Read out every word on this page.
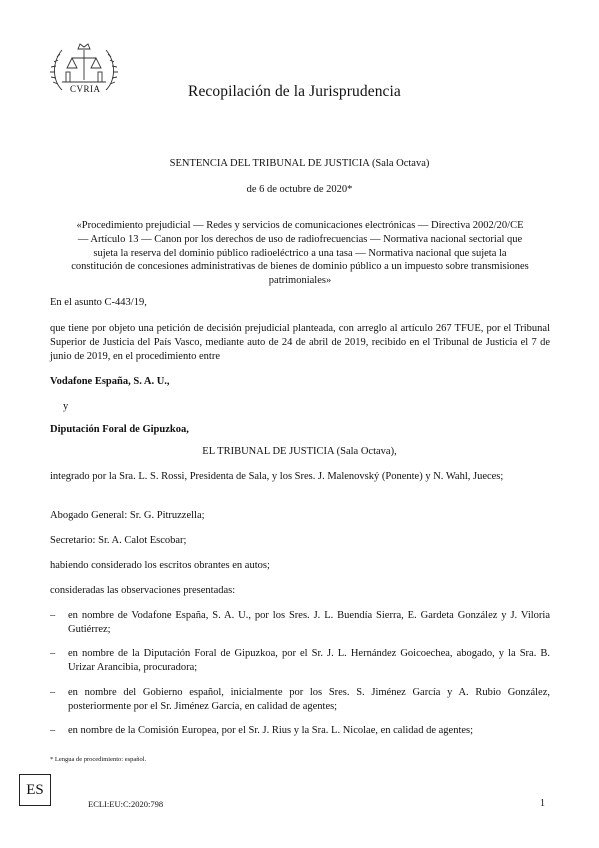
CVRIA	Recopilación de la Jurisprudencia
SENTENCIA DEL TRIBUNAL DE JUSTICIA (Sala Octava)
de 6 de octubre de 2020*
«Procedimiento prejudicial — Redes y servicios de comunicaciones electrónicas — Directiva 2002/20/CE — Artículo 13 — Canon por los derechos de uso de radiofrecuencias — Normativa nacional sectorial que sujeta la reserva del dominio público radioeléctrico a una tasa — Normativa nacional que sujeta la constitución de concesiones administrativas de bienes de dominio público a un impuesto sobre transmisiones patrimoniales»
En el asunto C-443/19,
que tiene por objeto una petición de decisión prejudicial planteada, con arreglo al artículo 267 TFUE, por el Tribunal Superior de Justicia del País Vasco, mediante auto de 24 de abril de 2019, recibido en el Tribunal de Justicia el 7 de junio de 2019, en el procedimiento entre
Vodafone España, S. A. U.,
y
Diputación Foral de Gipuzkoa,
EL TRIBUNAL DE JUSTICIA (Sala Octava),
integrado por la Sra. L. S. Rossi, Presidenta de Sala, y los Sres. J. Malenovský (Ponente) y N. Wahl, Jueces;
Abogado General: Sr. G. Pitruzzella;
Secretario: Sr. A. Calot Escobar;
habiendo considerado los escritos obrantes en autos;
consideradas las observaciones presentadas:
– en nombre de Vodafone España, S. A. U., por los Sres. J. L. Buendía Sierra, E. Gardeta González y J. Viloria Gutiérrez;
– en nombre de la Diputación Foral de Gipuzkoa, por el Sr. J. L. Hernández Goicoechea, abogado, y la Sra. B. Urizar Arancibia, procuradora;
– en nombre del Gobierno español, inicialmente por los Sres. S. Jiménez García y A. Rubio González, posteriormente por el Sr. Jiménez García, en calidad de agentes;
– en nombre de la Comisión Europea, por el Sr. J. Rius y la Sra. L. Nicolae, en calidad de agentes;
* Lengua de procedimiento: español.
ES
ECLI:EU:C:2020:798	1
